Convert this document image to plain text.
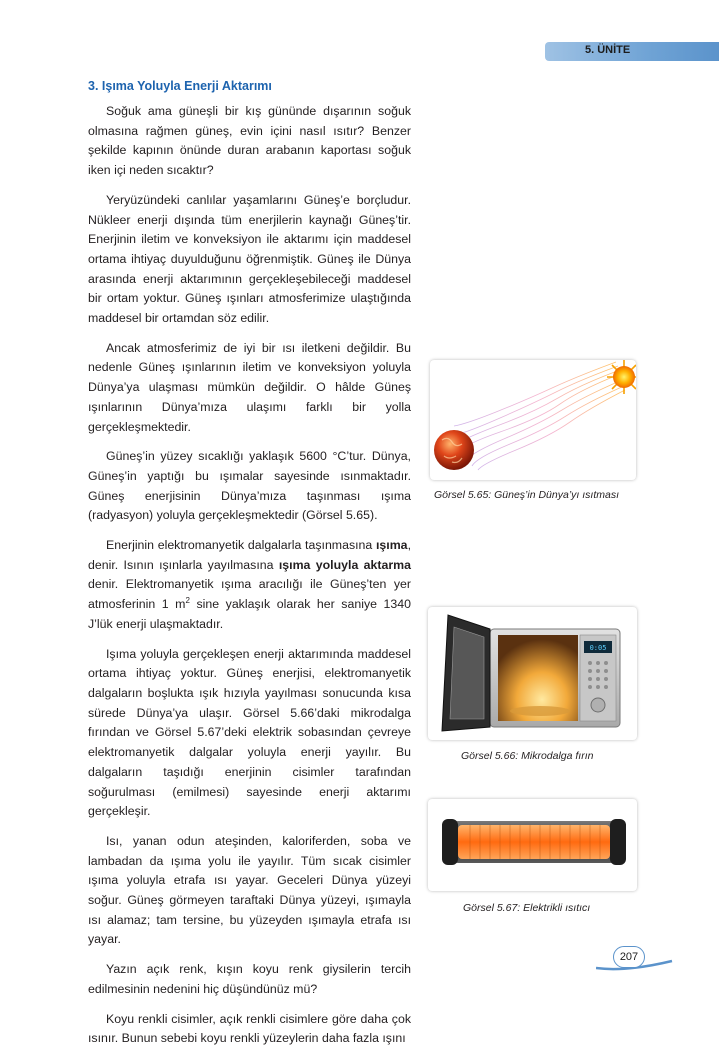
5. ÜNİTE
3. Işıma Yoluyla Enerji Aktarımı

Soğuk ama güneşli bir kış gününde dışarının soğuk olmasına rağmen güneş, evin içini nasıl ısıtır? Benzer şekilde kapının önünde duran arabanın kaportası soğuk iken içi neden sıcaktır?

Yeryüzündeki canlılar yaşamlarını Güneş’e borçludur. Nükleer enerji dışında tüm enerjilerin kaynağı Güneş’tir. Enerjinin iletim ve konveksiyon ile aktarımı için maddesel ortama ihtiyaç duyulduğunu öğrenmiştik. Güneş ile Dünya arasında enerji aktarımının gerçekleşebileceği maddesel bir ortam yoktur. Güneş ışınları atmosferimize ulaştığında maddesel bir ortamdan söz edilir.

Ancak atmosferimiz de iyi bir ısı iletkeni değildir. Bu nedenle Güneş ışınlarının iletim ve konveksiyon yoluyla Dünya’ya ulaşması mümkün değildir. O hâlde Güneş ışınlarının Dünya’mıza ulaşımı farklı bir yolla gerçekleşmektedir.

Güneş’in yüzey sıcaklığı yaklaşık 5600 °C’tur. Dünya, Güneş’in yaptığı bu ışımalar sayesinde ısınmaktadır. Güneş enerjisinin Dünya’mıza taşınması ışıma (radyasyon) yoluyla gerçekleşmektedir (Görsel 5.65).

Enerjinin elektromanyetik dalgalarla taşınmasına ışıma, denir. Isının ışınlarla yayılmasına ışıma yoluyla aktarma denir. Elektromanyetik ışıma aracılığı ile Güneş’ten yer atmosferinin 1 $m^2$ sine yaklaşık olarak her saniye 1340 J’lük enerji ulaşmaktadır.

Işıma yoluyla gerçekleşen enerji aktarımında maddesel ortama ihtiyaç yoktur. Güneş enerjisi, elektromanyetik dalgaların boşlukta ışık hızıyla yayılması sonucunda kısa sürede Dünya’ya ulaşır. Görsel 5.66’daki mikrodalga fırından ve Görsel 5.67’deki elektrik sobasından çevreye elektromanyetik dalgalar yoluyla enerji yayılır. Bu dalgaların taşıdığı enerjinin cisimler tarafından soğurulması (emilmesi) sayesinde enerji aktarımı gerçekleşir.

Isı, yanan odun ateşinden, kaloriferden, soba ve lambadan da ışıma yolu ile yayılır. Tüm sıcak cisimler ışıma yoluyla etrafa ısı yayar. Geceleri Dünya yüzeyi soğur. Güneş görmeyen taraftaki Dünya yüzeyi, ışımayla ısı alamaz; tam tersine, bu yüzeyden ışımayla etrafa ısı yayar.

Yazın açık renk, kışın koyu renk giysilerin tercih edilmesinin nedenini hiç düşündünüz mü?

Koyu renkli cisimler, açık renkli cisimlere göre daha çok ısınır. Bunun sebebi koyu renkli yüzeylerin daha fazla ışını

Görsel 5.65: Güneş’in Dünya’yı ısıtması
0:05
Görsel 5.66: Mikrodalga fırın
Görsel 5.67: Elektrikli ısıtıcı
207
